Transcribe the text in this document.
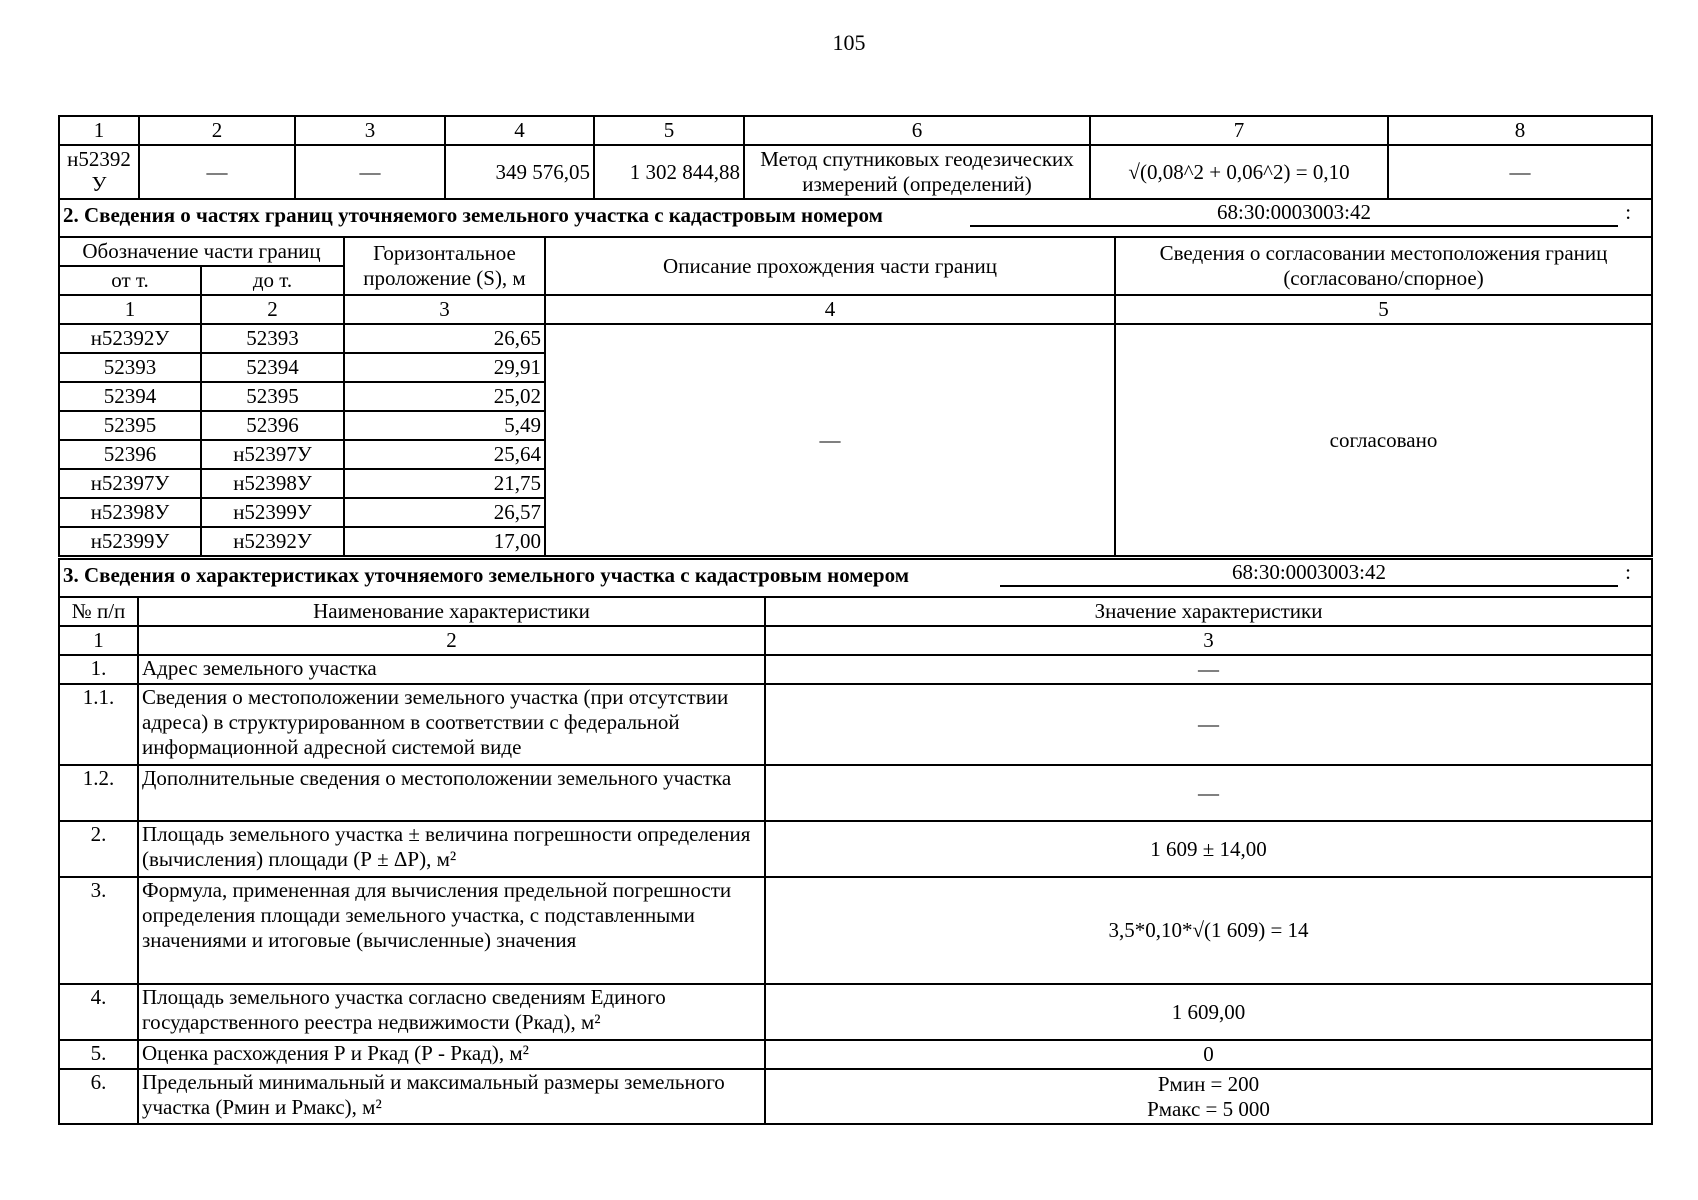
105
1	2	3	4	5	6	7	8
н52392 У	—	—	349 576,05	1 302 844,88	Метод спутниковых геодезических измерений (определений)	√(0,08^2 + 0,06^2) = 0,10	—
2. Сведения о частях границ уточняемого земельного участка с кадастровым номером 68:30:0003003:42 :				

Обозначение части границ		Горизонтальное проложение (S), м	Описание прохождения части границ	Сведения о согласовании местоположения границ (согласовано/спорное)
от т.	до т.			
1	2	3	4	5
н52392У	52393	26,65	—	согласовано
52393	52394	29,91		
52394	52395	25,02		
52395	52396	5,49		
52396	н52397У	25,64		
н52397У	н52398У	21,75		
н52398У	н52399У	26,57		
н52399У	н52392У	17,00		
3. Сведения о характеристиках уточняемого земельного участка с кадастровым номером 68:30:0003003:42 :		

№ п/п	Наименование характеристики	Значение характеристики
1	2	3
1.	Адрес земельного участка	—
1.1.	Сведения о местоположении земельного участка (при отсутствии адреса) в структурированном в соответствии с федеральной информационной адресной системой виде	—
1.2.	Дополнительные сведения о местоположении земельного участка	—
2.	Площадь земельного участка ± величина погрешности определения (вычисления) площади (Р ± ΔР), м²	1 609 ± 14,00
3.	Формула, примененная для вычисления предельной погрешности определения площади земельного участка, с подставленными значениями и итоговые (вычисленные) значения	3,5*0,10*√(1 609) = 14
4.	Площадь земельного участка согласно сведениям Единого государственного реестра недвижимости (Ркад), м²	1 609,00
5.	Оценка расхождения Р и Ркад (Р - Ркад), м²	0
6.	Предельный минимальный и максимальный размеры земельного участка (Рмин и Рмакс), м²	Рмин = 200
Рмакс = 5 000
